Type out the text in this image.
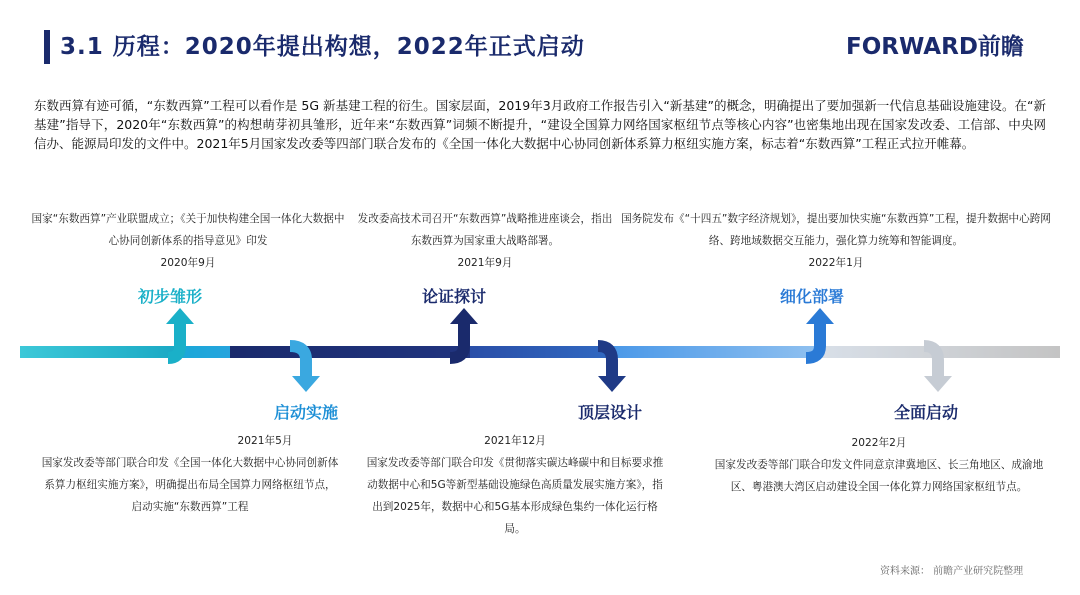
3.1 历程：2020年提出构想，2022年正式启动	FORWARD前瞻
东数西算有迹可循，“东数西算”工程可以看作是 5G 新基建工程的衍生。国家层面，2019年3月政府工作报告引入“新基建”的概念，明确提出了要加强新一代信息基础设施建设。在“新基建”指导下，2020年“东数西算”的构想萌芽初具雏形，近年来“东数西算”词频不断提升，“建设全国算力网络国家枢纽节点等核心内容”也密集地出现在国家发改委、工信部、中央网信办、能源局印发的文件中。2021年5月国家发改委等四部门联合发布的《全国一体化大数据中心协同创新体系算力枢纽实施方案，标志着“东数西算”工程正式拉开帷幕。
国家“东数西算”产业联盟成立；《关于加快构建全国一体化大数据中心协同创新体系的指导意见》印发
2020年9月
初步雏形
启动实施
2021年5月
国家发改委等部门联合印发《全国一体化大数据中心协同创新体系算力枢纽实施方案》，明确提出布局全国算力网络枢纽节点，启动实施“东数西算”工程
发改委高技术司召开“东数西算”战略推进座谈会，指出东数西算为国家重大战略部署。
2021年9月
论证探讨
顶层设计
2021年12月
国家发改委等部门联合印发《贯彻落实碳达峰碳中和目标要求推动数据中心和5G等新型基础设施绿色高质量发展实施方案》，指出到2025年，数据中心和5G基本形成绿色集约一体化运行格局。
国务院发布《“十四五”数字经济规划》，提出要加快实施“东数西算”工程，提升数据中心跨网络、跨地域数据交互能力，强化算力统筹和智能调度。
2022年1月
细化部署
全面启动
2022年2月
国家发改委等部门联合印发文件同意京津冀地区、长三角地区、成渝地区、粤港澳大湾区启动建设全国一体化算力网络国家枢纽节点。
资料来源： 前瞻产业研究院整理
